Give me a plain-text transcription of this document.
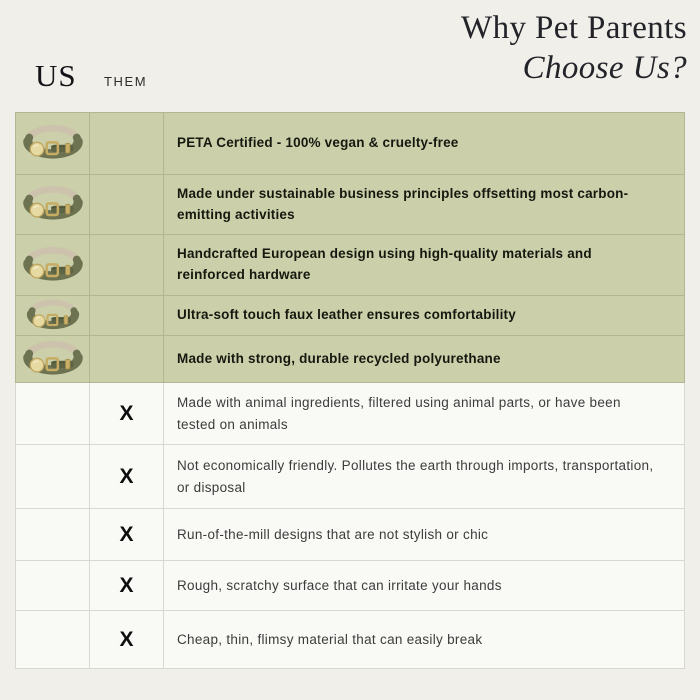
Why Pet Parents
Choose Us?
US THEM
PETA Certified - 100% vegan & cruelty-free
Made under sustainable business principles offsetting most carbon-emitting activities
Handcrafted European design using high-quality materials and reinforced hardware
Ultra-soft touch faux leather ensures comfortability
Made with strong, durable recycled polyurethane
X	Made with animal ingredients, filtered using animal parts, or have been tested on animals
X	Not economically friendly. Pollutes the earth through imports, transportation, or disposal
X	Run-of-the-mill designs that are not stylish or chic
X	Rough, scratchy surface that can irritate your hands
X	Cheap, thin, flimsy material that can easily break
